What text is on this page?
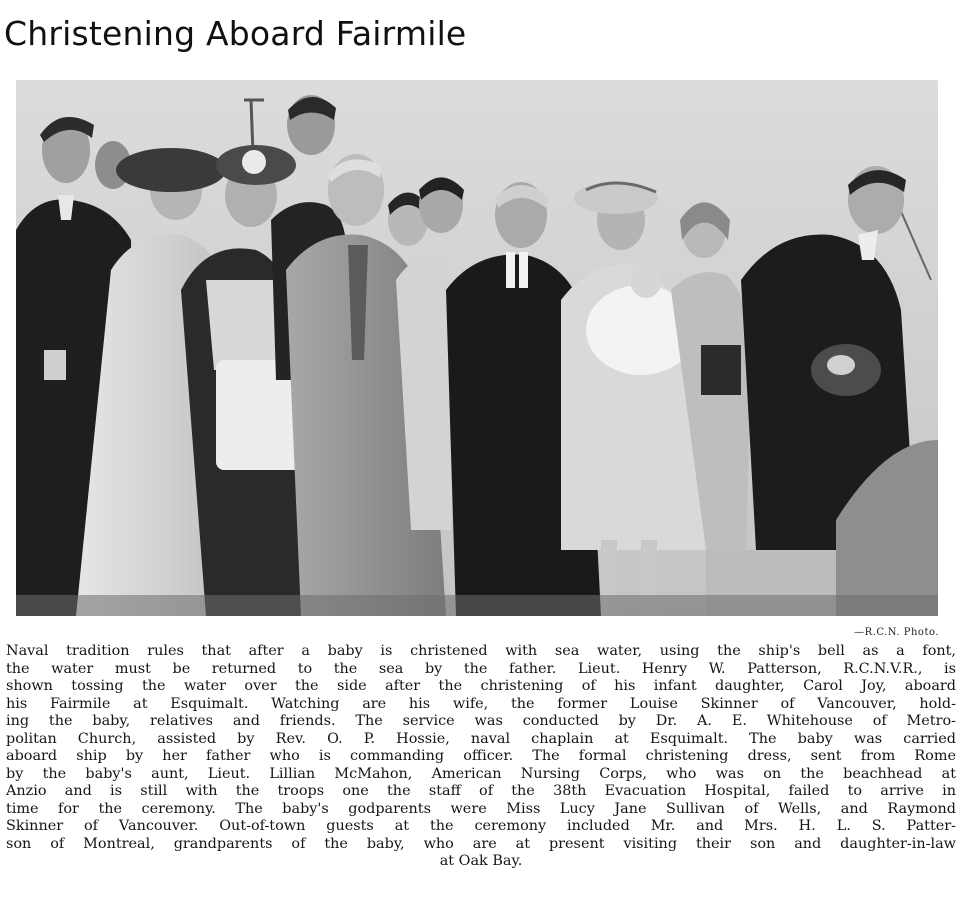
Christening Aboard Fairmile
—R.C.N. Photo.
Naval tradition rules that after a baby is christened with sea water, using the ship's bell as a font,
the water must be returned to the sea by the father. Lieut. Henry W. Patterson, R.C.N.V.R., is
shown tossing the water over the side after the christening of his infant daughter, Carol Joy, aboard
his Fairmile at Esquimalt. Watching are his wife, the former Louise Skinner of Vancouver, hold-
ing the baby, relatives and friends. The service was conducted by Dr. A. E. Whitehouse of Metro-
politan Church, assisted by Rev. O. P. Hossie, naval chaplain at Esquimalt. The baby was carried
aboard ship by her father who is commanding officer. The formal christening dress, sent from Rome
by the baby's aunt, Lieut. Lillian McMahon, American Nursing Corps, who was on the beachhead at
Anzio and is still with the troops one the staff of the 38th Evacuation Hospital, failed to arrive in
time for the ceremony. The baby's godparents were Miss Lucy Jane Sullivan of Wells, and Raymond
Skinner of Vancouver. Out-of-town guests at the ceremony included Mr. and Mrs. H. L. S. Patter-
son of Montreal, grandparents of the baby, who are at present visiting their son and daughter-in-law
at Oak Bay.
